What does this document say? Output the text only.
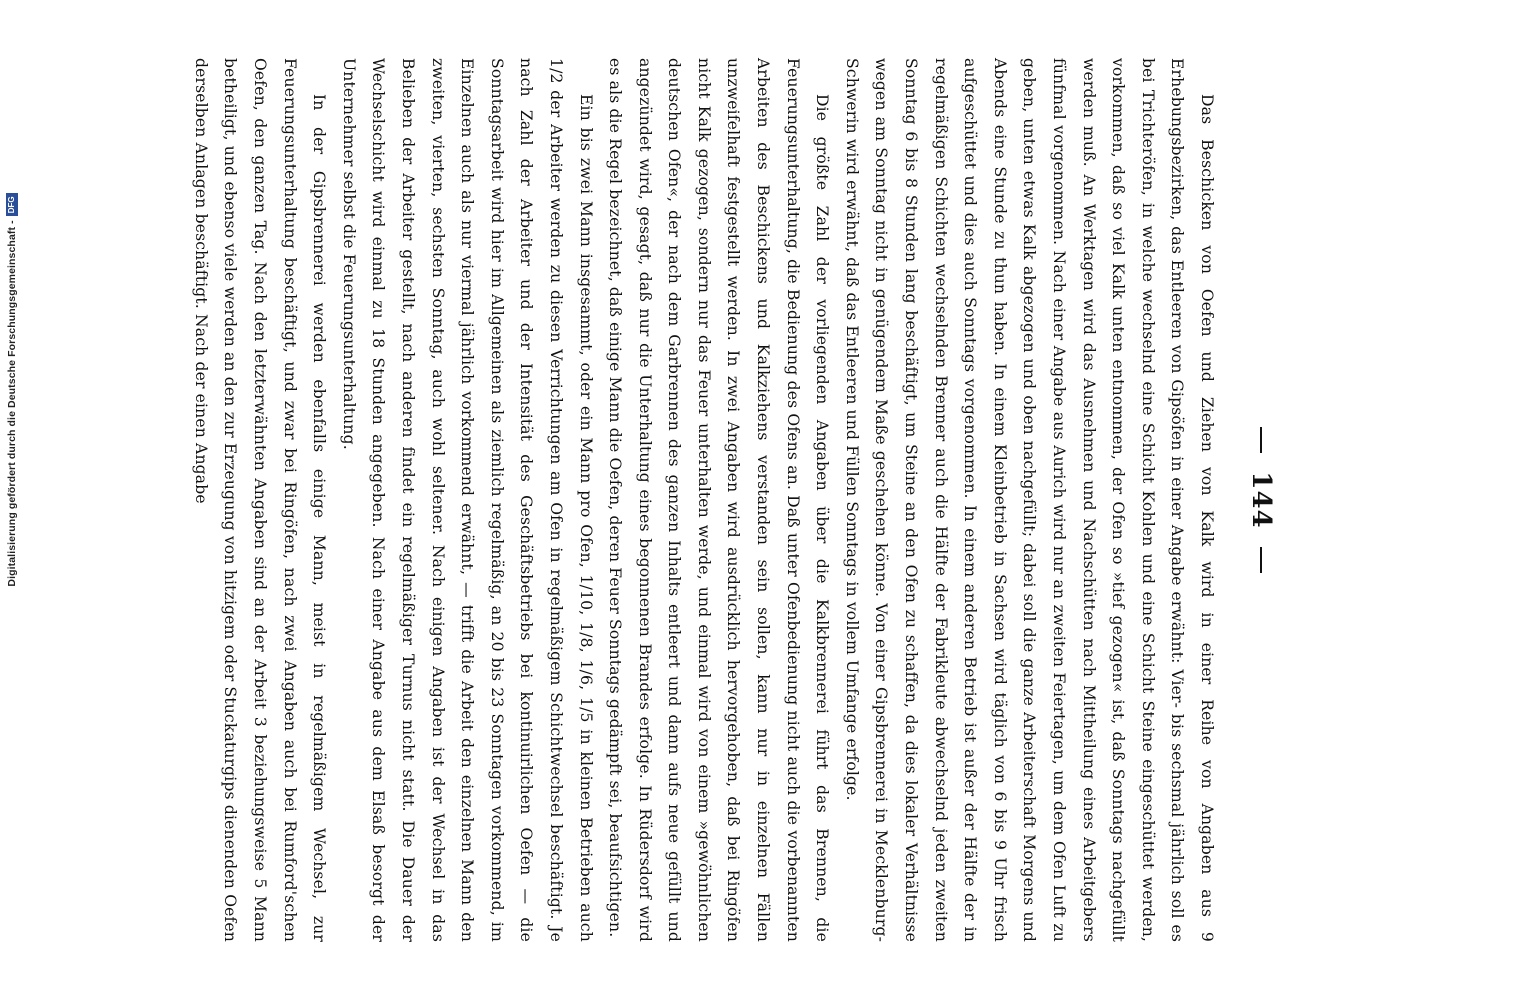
Digitalisierung gefördert durch die Deutsche Forschungsgemeinschaft -
DFG
144

Das Beschicken von Oefen und Ziehen von Kalk wird in einer Reihe von Angaben aus 9 Erhebungsbezirken, das Entleeren von Gipsöfen in einer Angabe erwähnt: Vier- bis sechsmal jährlich soll es bei Trichteröfen, in welche wechselnd eine Schicht Kohlen und eine Schicht Steine eingeschüttet werden, vorkommen, daß so viel Kalk unten entnommen, der Ofen so »tief gezogen« ist, daß Sonntags nachgefüllt werden muß. An Werktagen wird das Ausnehmen und Nachschütten nach Mittheilung eines Arbeitgebers fünfmal vorgenommen. Nach einer Angabe aus Aurich wird nur an zweiten Feiertagen, um dem Ofen Luft zu geben, unten etwas Kalk abgezogen und oben nachgefüllt; dabei soll die ganze Arbeiterschaft Morgens und Abends eine Stunde zu thun haben. In einem Kleinbetrieb in Sachsen wird täglich von 6 bis 9 Uhr frisch aufgeschüttet und dies auch Sonntags vorgenommen. In einem anderen Betrieb ist außer der Hälfte der in regelmäßigen Schichten wechselnden Brenner auch die Hälfte der Fabrikleute abwechselnd jeden zweiten Sonntag 6 bis 8 Stunden lang beschäftigt, um Steine an den Ofen zu schaffen, da dies lokaler Verhältnisse wegen am Sonntag nicht in genügendem Maße geschehen könne. Von einer Gipsbrennerei in Mecklenburg-Schwerin wird erwähnt, daß das Entleeren und Füllen Sonntags in vollem Umfange erfolge.

Die größte Zahl der vorliegenden Angaben über die Kalkbrennerei führt das Brennen, die Feuerungsunterhaltung, die Bedienung des Ofens an. Daß unter Ofenbedienung nicht auch die vorbenannten Arbeiten des Beschickens und Kalkziehens verstanden sein sollen, kann nur in einzelnen Fällen unzweifelhaft festgestellt werden. In zwei Angaben wird ausdrücklich hervorgehoben, daß bei Ringöfen nicht Kalk gezogen, sondern nur das Feuer unterhalten werde, und einmal wird von einem »gewöhnlichen deutschen Ofen«, der nach dem Garbrennen des ganzen Inhalts entleert und dann aufs neue gefüllt und angezündet wird, gesagt, daß nur die Unterhaltung eines begonnenen Brandes erfolge. In Rüdersdorf wird es als die Regel bezeichnet, daß einige Mann die Oefen, deren Feuer Sonntags gedämpft sei, beaufsichtigen.

Ein bis zwei Mann insgesammt, oder ein Mann pro Ofen, 1/10, 1/8, 1/6, 1/5 in kleinen Betrieben auch 1/2 der Arbeiter werden zu diesen Verrichtungen am Ofen in regelmäßigem Schichtwechsel beschäftigt. Je nach Zahl der Arbeiter und der Intensität des Geschäftsbetriebs bei kontinuirlichen Oefen — die Sonntagsarbeit wird hier im Allgemeinen als ziemlich regelmäßig, an 20 bis 23 Sonntagen vorkommend, im Einzelnen auch als nur viermal jährlich vorkommend erwähnt, — trifft die Arbeit den einzelnen Mann den zweiten, vierten, sechsten Sonntag, auch wohl seltener. Nach einigen Angaben ist der Wechsel in das Belieben der Arbeiter gestellt, nach anderen findet ein regelmäßiger Turnus nicht statt. Die Dauer der Wechselschicht wird einmal zu 18 Stunden angegeben. Nach einer Angabe aus dem Elsaß besorgt der Unternehmer selbst die Feuerungsunterhaltung.

In der Gipsbrennerei werden ebenfalls einige Mann, meist in regelmäßigem Wechsel, zur Feuerungsunterhaltung beschäftigt, und zwar bei Ringöfen, nach zwei Angaben auch bei Rumford'schen Oefen, den ganzen Tag. Nach den letzterwähnten Angaben sind an der Arbeit 3 beziehungsweise 5 Mann betheiligt, und ebenso viele werden an den zur Erzeugung von hitzigem oder Stuckaturgips dienenden Oefen derselben Anlagen beschäftigt. Nach der einen Angabe
